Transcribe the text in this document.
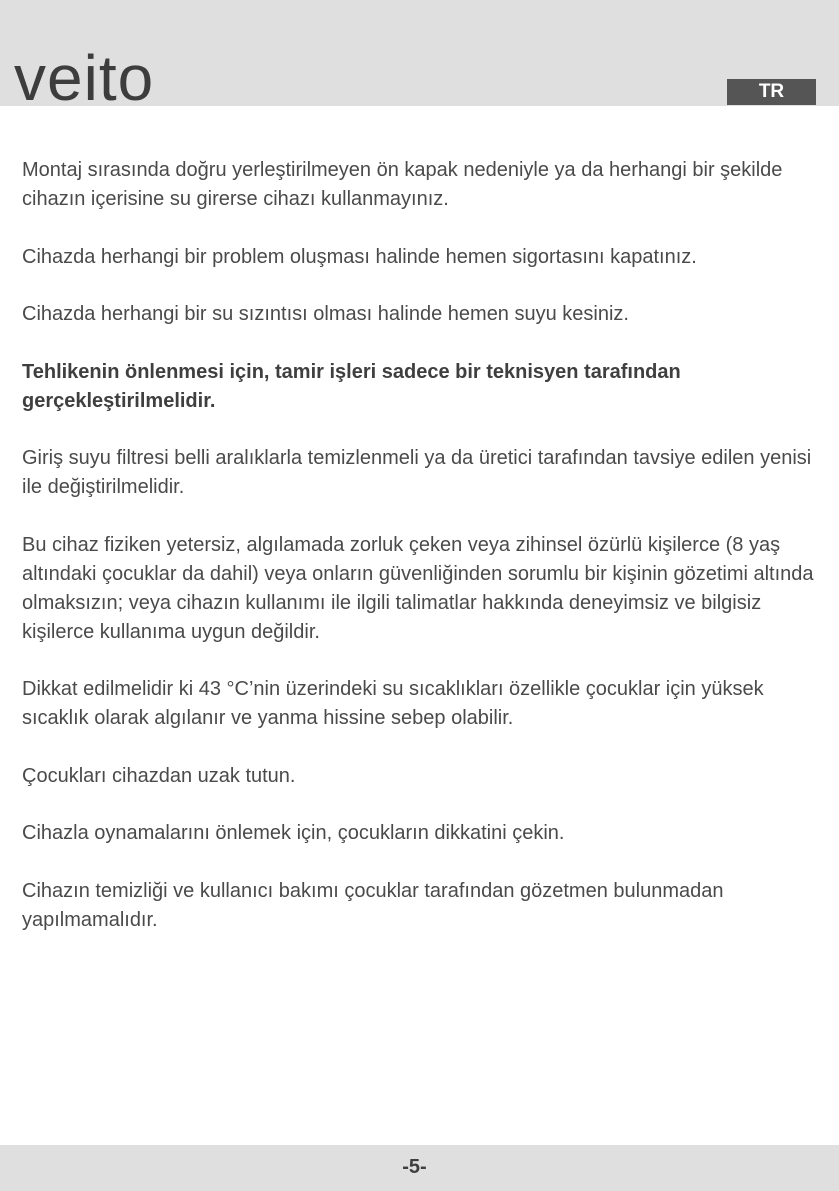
veito	TR

Montaj sırasında doğru yerleştirilmeyen ön kapak nedeniyle ya da herhangi bir şekilde cihazın içerisine su girerse cihazı kullanmayınız.

Cihazda herhangi bir problem oluşması halinde hemen sigortasını kapatınız.

Cihazda herhangi bir su sızıntısı olması halinde hemen suyu kesiniz.

Tehlikenin önlenmesi için, tamir işleri sadece bir teknisyen tarafından gerçekleştirilmelidir.

Giriş suyu filtresi belli aralıklarla temizlenmeli ya da üretici tarafından tavsiye edilen yenisi ile değiştirilmelidir.

Bu cihaz fiziken yetersiz, algılamada zorluk çeken veya zihinsel özürlü kişilerce (8 yaş altındaki çocuklar da dahil) veya onların güvenliğinden sorumlu bir kişinin gözetimi altında olmaksızın; veya cihazın kullanımı ile ilgili talimatlar hakkında deneyimsiz ve bilgisiz kişilerce kullanıma uygun değildir.

Dikkat edilmelidir ki 43 °C’nin üzerindeki su sıcaklıkları özellikle çocuklar için yüksek sıcaklık olarak algılanır ve yanma hissine sebep olabilir.

Çocukları cihazdan uzak tutun.

Cihazla oynamalarını önlemek için, çocukların dikkatini çekin.

Cihazın temizliği ve kullanıcı bakımı çocuklar tarafından gözetmen bulunmadan yapılmamalıdır.

-5-
